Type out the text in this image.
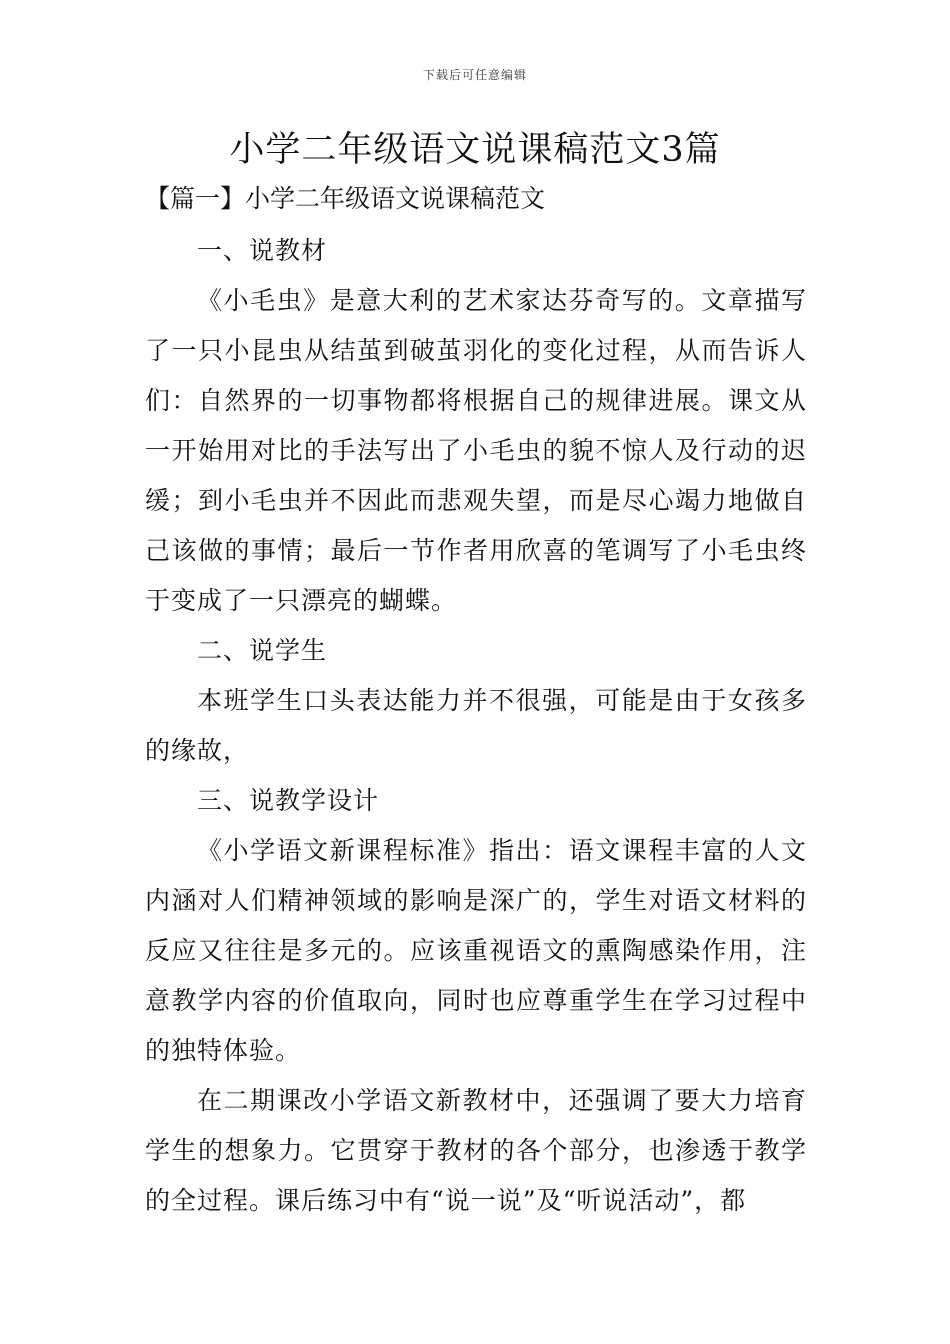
下载后可任意编辑
小学二年级语文说课稿范文3篇
【篇一】小学二年级语文说课稿范文

一、说教材

《小毛虫》是意大利的艺术家达芬奇写的。文章描写了一只小昆虫从结茧到破茧羽化的变化过程，从而告诉人们：自然界的一切事物都将根据自己的规律进展。课文从一开始用对比的手法写出了小毛虫的貌不惊人及行动的迟缓；到小毛虫并不因此而悲观失望，而是尽心竭力地做自己该做的事情；最后一节作者用欣喜的笔调写了小毛虫终于变成了一只漂亮的蝴蝶。

二、说学生

本班学生口头表达能力并不很强，可能是由于女孩多的缘故，

三、说教学设计

《小学语文新课程标准》指出：语文课程丰富的人文内涵对人们精神领域的影响是深广的，学生对语文材料的反应又往往是多元的。应该重视语文的熏陶感染作用，注意教学内容的价值取向，同时也应尊重学生在学习过程中的独特体验。

在二期课改小学语文新教材中，还强调了要大力培育学生的想象力。它贯穿于教材的各个部分，也渗透于教学的全过程。课后练习中有“说一说”及“听说活动”，都
